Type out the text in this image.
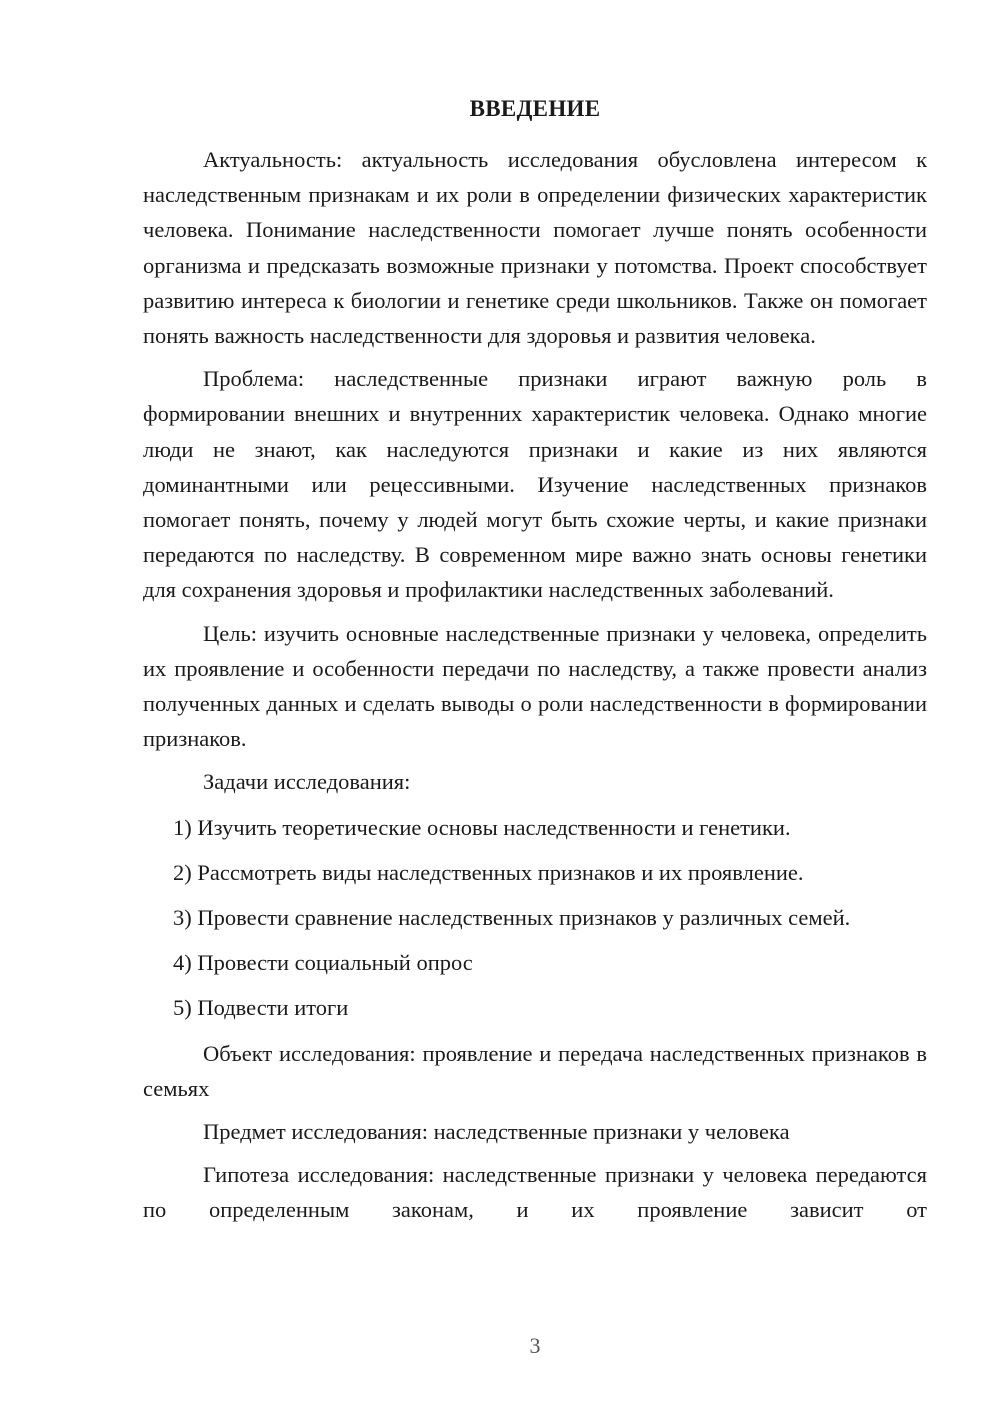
ВВЕДЕНИЕ

Актуальность: актуальность исследования обусловлена интересом к наследственным признакам и их роли в определении физических характеристик человека. Понимание наследственности помогает лучше понять особенности организма и предсказать возможные признаки у потомства. Проект способствует развитию интереса к биологии и генетике среди школьников. Также он помогает понять важность наследственности для здоровья и развития человека.

Проблема: наследственные признаки играют важную роль в формировании внешних и внутренних характеристик человека. Однако многие люди не знают, как наследуются признаки и какие из них являются доминантными или рецессивными. Изучение наследственных признаков помогает понять, почему у людей могут быть схожие черты, и какие признаки передаются по наследству. В современном мире важно знать основы генетики для сохранения здоровья и профилактики наследственных заболеваний.

Цель: изучить основные наследственные признаки у человека, определить их проявление и особенности передачи по наследству, а также провести анализ полученных данных и сделать выводы о роли наследственности в формировании признаков.

Задачи исследования:

1) Изучить теоретические основы наследственности и генетики.

2) Рассмотреть виды наследственных признаков и их проявление.

3) Провести сравнение наследственных признаков у различных семей.

4) Провести социальный опрос

5) Подвести итоги

Объект исследования: проявление и передача наследственных признаков в семьях

Предмет исследования: наследственные признаки у человека

Гипотеза исследования: наследственные признаки у человека передаются по определенным законам, и их проявление зависит от

3
